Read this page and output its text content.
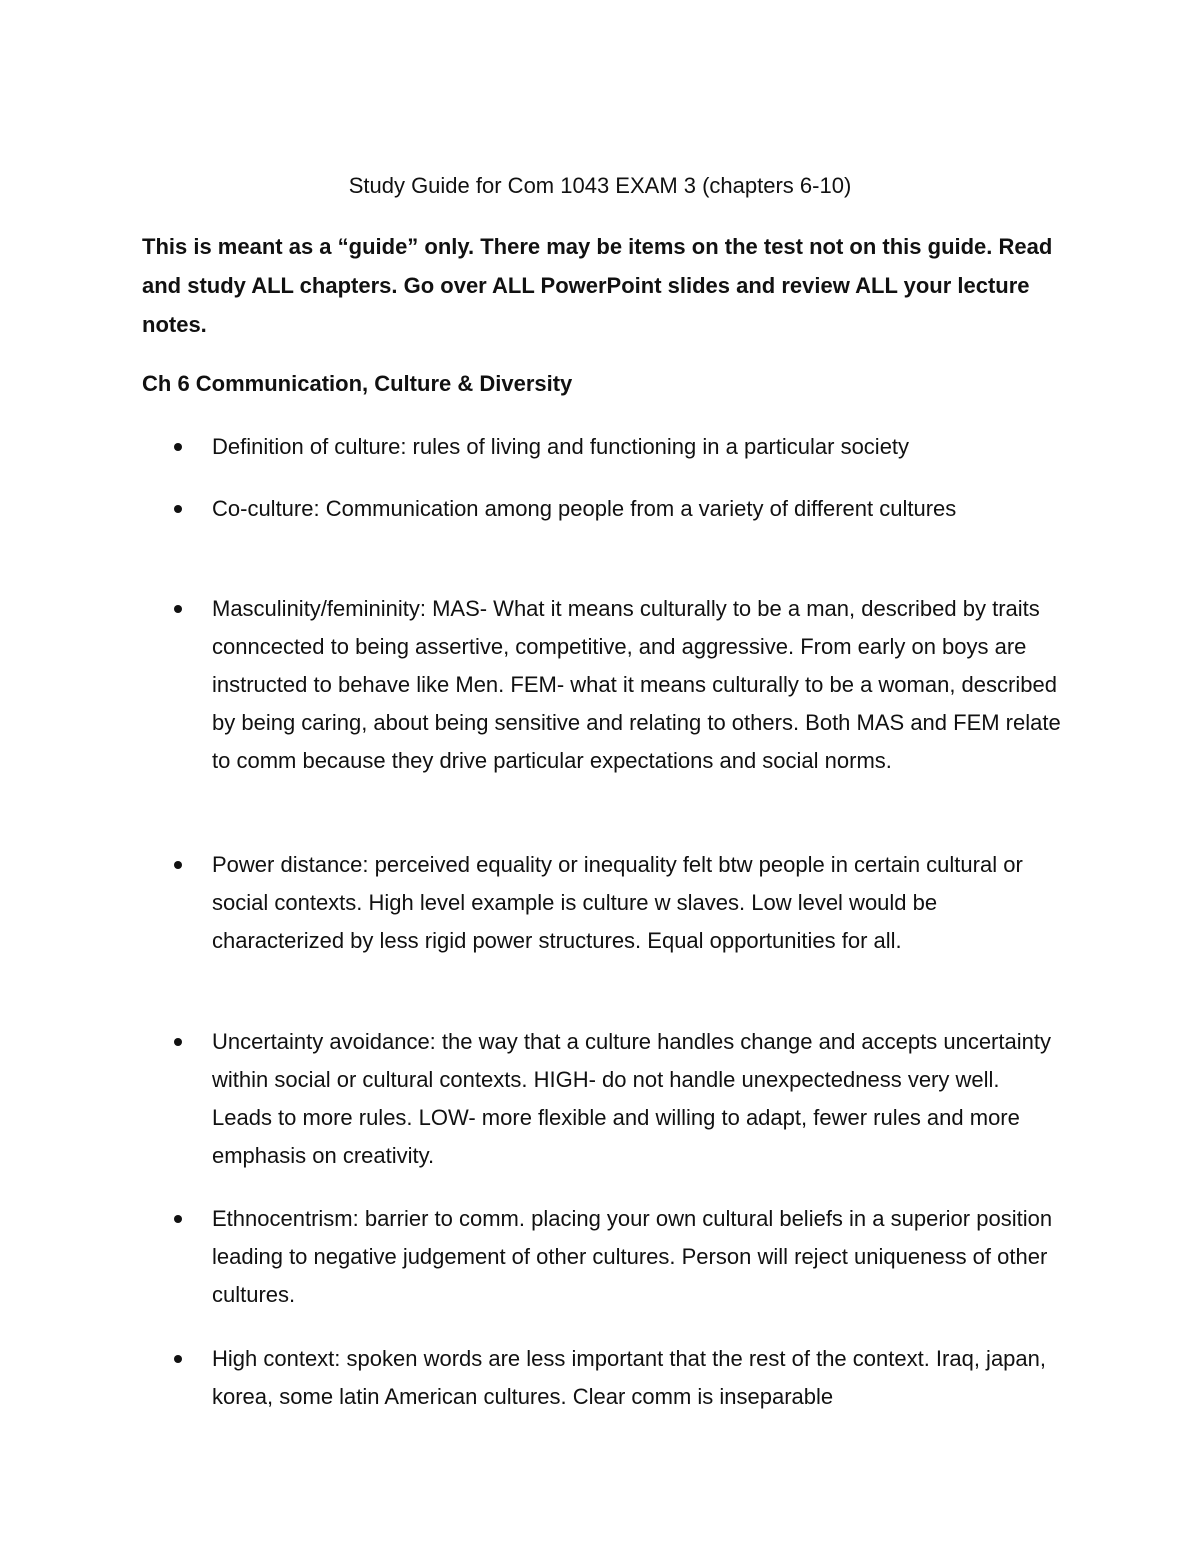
Study Guide for Com 1043 EXAM 3 (chapters 6-10)
This is meant as a “guide” only. There may be items on the test not on this guide. Read and study ALL chapters. Go over ALL PowerPoint slides and review ALL your lecture notes.
Ch 6 Communication, Culture & Diversity
Definition of culture: rules of living and functioning in a particular society
Co-culture: Communication among people from a variety of different cultures
Masculinity/femininity: MAS- What it means culturally to be a man, described by traits conncected to being assertive, competitive, and aggressive. From early on boys are instructed to behave like Men. FEM- what it means culturally to be a woman, described by being caring, about being sensitive and relating to others. Both MAS and FEM relate to comm because they drive particular expectations and social norms.
Power distance: perceived equality or inequality felt btw people in certain cultural or social contexts. High level example is culture w slaves. Low level would be characterized by less rigid power structures. Equal opportunities for all.
Uncertainty avoidance: the way that a culture handles change and accepts uncertainty within social or cultural contexts. HIGH- do not handle unexpectedness very well. Leads to more rules. LOW- more flexible and willing to adapt, fewer rules and more emphasis on creativity.
Ethnocentrism: barrier to comm. placing your own cultural beliefs in a superior position leading to negative judgement of other cultures. Person will reject uniqueness of other cultures.
High context: spoken words are less important that the rest of the context. Iraq, japan, korea, some latin American cultures. Clear comm is inseparable
